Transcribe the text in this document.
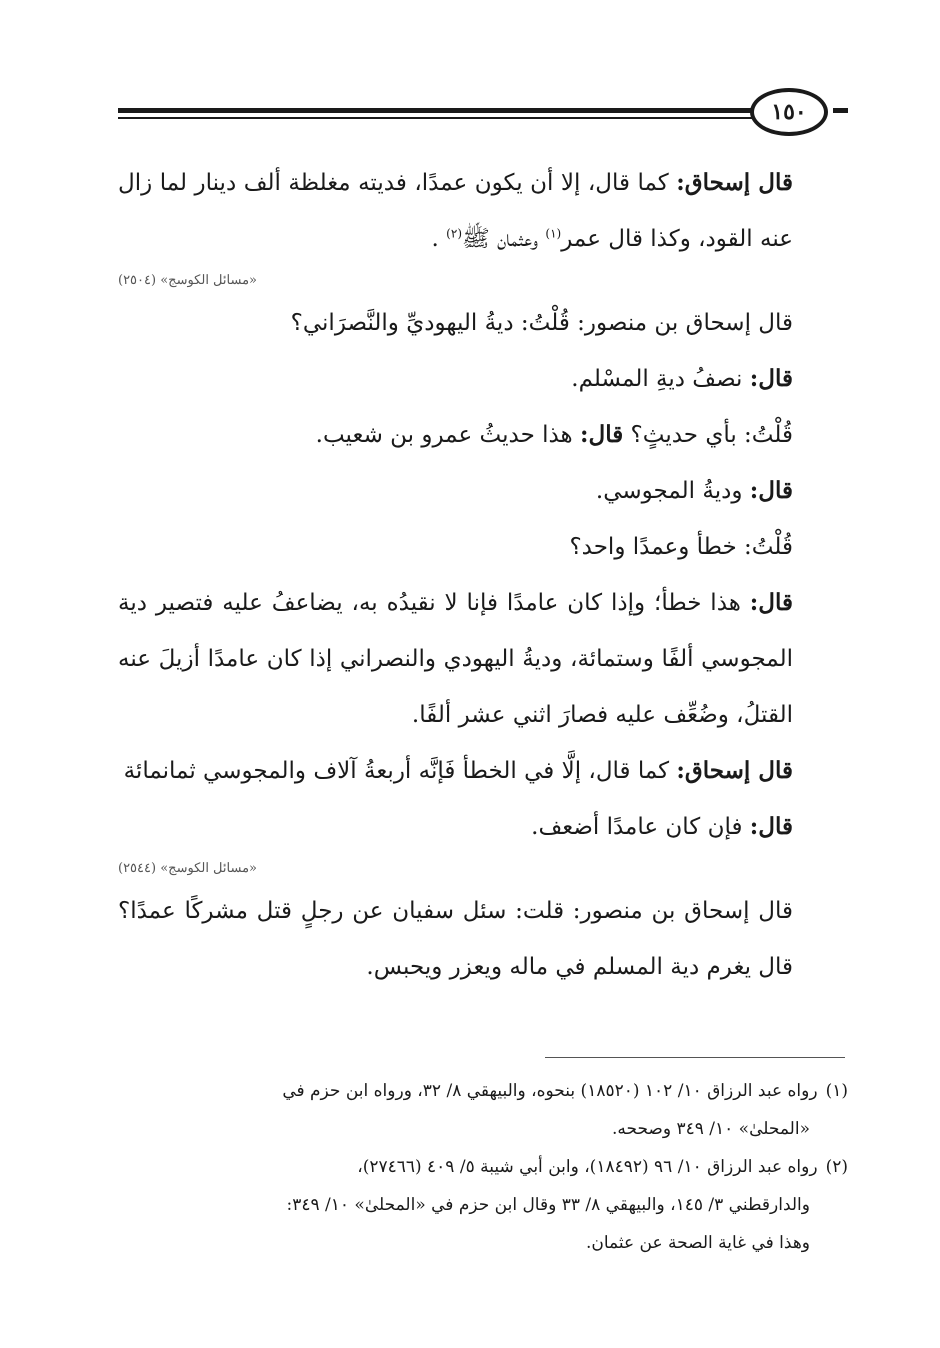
١٥٠

قال إسحاق: كما قال، إلا أن يكون عمدًا، فديته مغلظة ألف دينار لما زال عنه القود، وكذا قال عمر$^{(١)}$ وعثمان ﷺ$^{(٢)}$ .

«مسائل الكوسج» (٢٥٠٤)

قال إسحاق بن منصور: قُلْتُ: ديةُ اليهوديِّ والنَّصرَاني؟

قال: نصفُ ديةِ المسْلم.

قُلْتُ: بأي حديثٍ؟ قال: هذا حديثُ عمرو بن شعيب.

قال: وديةُ المجوسي.

قُلْتُ: خطأ وعمدًا واحد؟

قال: هذا خطأ؛ وإذا كان عامدًا فإنا لا نقيدُه به، يضاعفُ عليه فتصير دية المجوسي ألفًا وستمائة، وديةُ اليهودي والنصراني إذا كان عامدًا أزيلَ عنه القتلُ، وضُعِّف عليه فصارَ اثني عشر ألفًا.

قال إسحاق: كما قال، إلَّا في الخطأ فَإنَّه أربعةُ آلاف والمجوسي ثمانمائة

قال: فإن كان عامدًا أضعف.

«مسائل الكوسج» (٢٥٤٤)

قال إسحاق بن منصور: قلت: سئل سفيان عن رجلٍ قتل مشركًا عمدًا؟ قال يغرم دية المسلم في ماله ويعزر ويحبس.

(١)رواه عبد الرزاق ١٠/ ١٠٢ (١٨٥٢٠) بنحوه، والبيهقي ٨/ ٣٢، ورواه ابن حزم في

«المحلىٰ» ١٠/ ٣٤٩ وصححه.

(٢)رواه عبد الرزاق ١٠/ ٩٦ (١٨٤٩٢)، وابن أبي شيبة ٥/ ٤٠٩ (٢٧٤٦٦)،

والدارقطني ٣/ ١٤٥، والبيهقي ٨/ ٣٣ وقال ابن حزم في «المحلىٰ» ١٠/ ٣٤٩:

وهذا في غاية الصحة عن عثمان.
